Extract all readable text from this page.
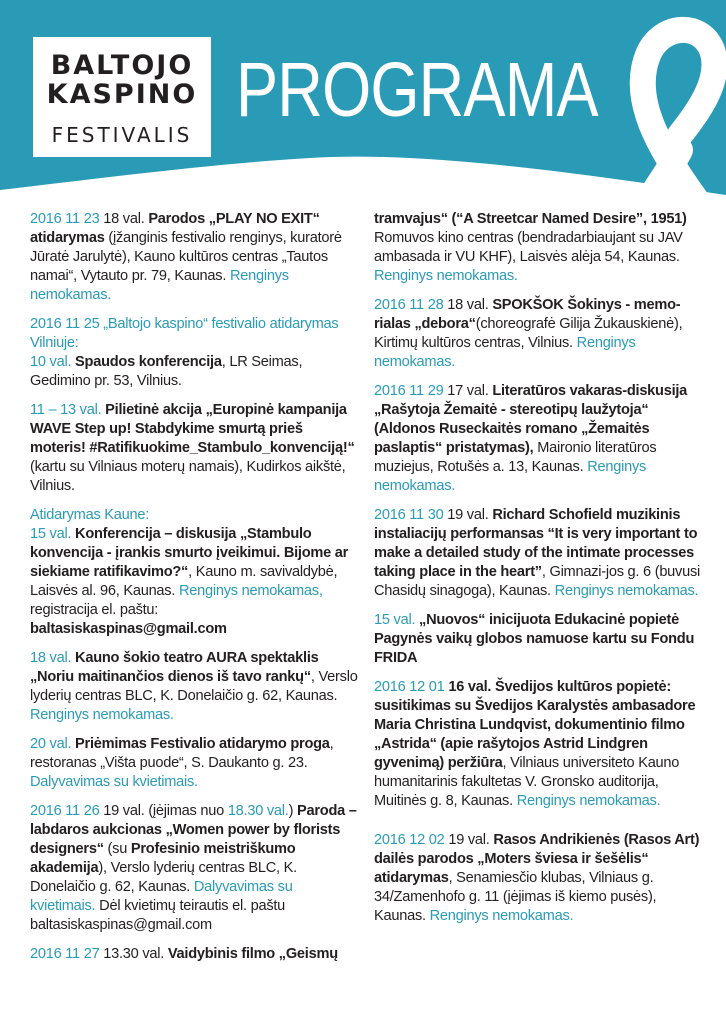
BALTOJO
KASPINO
FESTIVALIS
PROGRAMA

2016 11 23 18 val. Parodos „PLAY NO EXIT“ atidarymas (įžanginis festivalio renginys, kuratorė Jūratė Jarulytė), Kauno kultūros centras „Tautos namai“, Vytauto pr. 79, Kaunas. Renginys nemokamas.

2016 11 25 „Baltojo kaspino“ festivalio atidarymas Vilniuje:
10 val. Spaudos konferencija, LR Seimas, Gedimino pr. 53, Vilnius.

11 – 13 val. Pilietinė akcija „Europinė kampanija WAVE Step up! Stabdykime smurtą prieš moteris! #Ratifikuokime_Stambulo_konvenciją!“ (kartu su Vilniaus moterų namais), Kudirkos aikštė, Vilnius.

Atidarymas Kaune:
15 val. Konferencija – diskusija „Stambulo konvencija - įrankis smurto įveikimui. Bijome ar siekiame ratifikavimo?“, Kauno m. savivaldybė, Laisvės al. 96, Kaunas. Renginys nemokamas, registracija el. paštu:
baltasiskaspinas@gmail.com

18 val. Kauno šokio teatro AURA spektaklis „Noriu maitinančios dienos iš tavo rankų“, Verslo lyderių centras BLC, K. Donelaičio g. 62, Kaunas. Renginys nemokamas.

20 val. Priėmimas Festivalio atidarymo proga, restoranas „Višta puode“, S. Daukanto g. 23. Dalyvavimas su kvietimais.

2016 11 26 19 val. (įėjimas nuo 18.30 val.) Paroda – labdaros aukcionas „Women power by florists designers“ (su Profesinio meistriškumo akademija), Verslo lyderių centras BLC, K. Donelaičio g. 62, Kaunas. Dalyvavimas su kvietimais. Dėl kvietimų teirautis el. paštu baltasiskaspinas@gmail.com

2016 11 27 13.30 val. Vaidybinis filmo „Geismų

tramvajus“ (“A Streetcar Named Desire”, 1951) Romuvos kino centras (bendradarbiaujant su JAV ambasada ir VU KHF), Laisvės alėja 54, Kaunas. Renginys nemokamas.

2016 11 28 18 val. SPOKŠOK Šokinys - memo-rialas „debora“(choreografė Gilija Žukauskienė), Kirtimų kultūros centras, Vilnius. Renginys nemokamas.

2016 11 29 17 val. Literatūros vakaras-diskusija „Rašytoja Žemaitė - stereotipų laužytoja“ (Aldonos Ruseckaitės romano „Žemaitės paslaptis“ pristatymas), Maironio literatūros muziejus, Rotušės a. 13, Kaunas. Renginys nemokamas.

2016 11 30 19 val. Richard Schofield muzikinis instaliacijų performansas “It is very important to make a detailed study of the intimate processes taking place in the heart”, Gimnazi-jos g. 6 (buvusi Chasidų sinagoga), Kaunas. Renginys nemokamas.

15 val. „Nuovos“ inicijuota Edukacinė popietė Pagynės vaikų globos namuose kartu su Fondu FRIDA

2016 12 01 16 val. Švedijos kultūros popietė: susitikimas su Švedijos Karalystės ambasadore Maria Christina Lundqvist, dokumentinio filmo „Astrida“ (apie rašytojos Astrid Lindgren gyvenimą) peržiūra, Vilniaus universiteto Kauno humanitarinis fakultetas V. Gronsko auditorija, Muitinės g. 8, Kaunas. Renginys nemokamas.

2016 12 02 19 val. Rasos Andrikienės (Rasos Art) dailės parodos „Moters šviesa ir šešėlis“ atidarymas, Senamiesčio klubas, Vilniaus g. 34/Zamenhofo g. 11 (įėjimas iš kiemo pusės), Kaunas. Renginys nemokamas.
